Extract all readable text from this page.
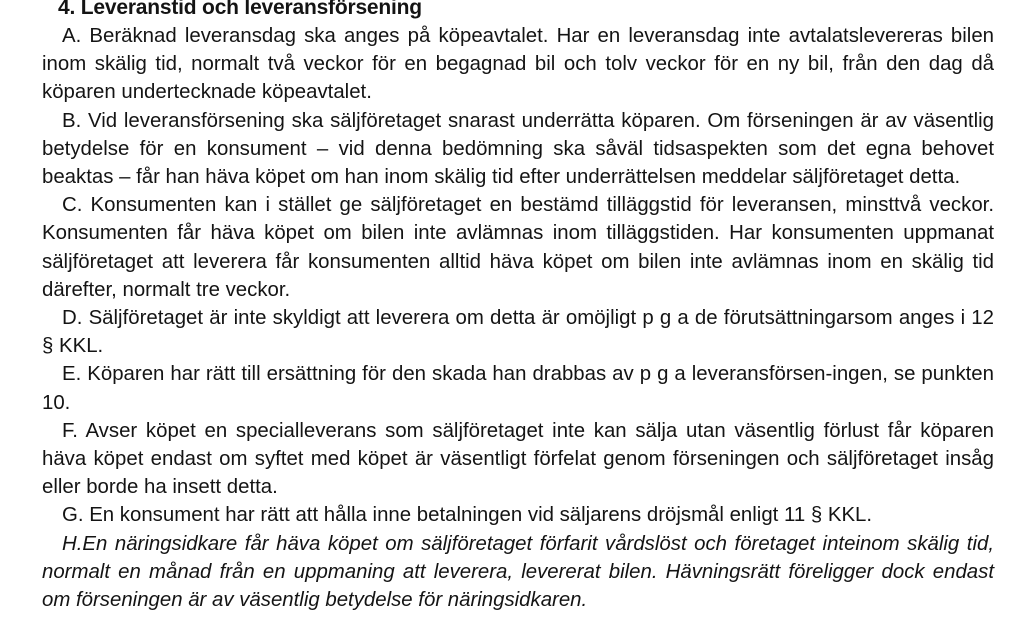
4. Leveranstid och leveransförsening

A. Beräknad leveransdag ska anges på köpeavtalet. Har en leveransdag inte avtalatslevereras bilen inom skälig tid, normalt två veckor för en begagnad bil och tolv veckor för en ny bil, från den dag då köparen undertecknade köpeavtalet.

B. Vid leveransförsening ska säljföretaget snarast underrätta köparen. Om förseningen är av väsentlig betydelse för en konsument – vid denna bedömning ska såväl tidsaspekten som det egna behovet beaktas – får han häva köpet om han inom skälig tid efter underrättelsen meddelar säljföretaget detta.

C. Konsumenten kan i stället ge säljföretaget en bestämd tilläggstid för leveransen, minsttvå veckor. Konsumenten får häva köpet om bilen inte avlämnas inom tilläggstiden. Har konsumenten uppmanat säljföretaget att leverera får konsumenten alltid häva köpet om bilen inte avlämnas inom en skälig tid därefter, normalt tre veckor.

D. Säljföretaget är inte skyldigt att leverera om detta är omöjligt p g a de förutsättningarsom anges i 12 § KKL.

E. Köparen har rätt till ersättning för den skada han drabbas av p g a leveransförsen-ingen, se punkten 10.

F. Avser köpet en specialleverans som säljföretaget inte kan sälja utan väsentlig förlust får köparen häva köpet endast om syftet med köpet är väsentligt förfelat genom förseningen och säljföretaget insåg eller borde ha insett detta.

G. En konsument har rätt att hålla inne betalningen vid säljarens dröjsmål enligt 11 § KKL.

H.En näringsidkare får häva köpet om säljföretaget förfarit vårdslöst och företaget inteinom skälig tid, normalt en månad från en uppmaning att leverera, levererat bilen. Hävningsrätt föreligger dock endast om förseningen är av väsentlig betydelse för näringsidkaren.
